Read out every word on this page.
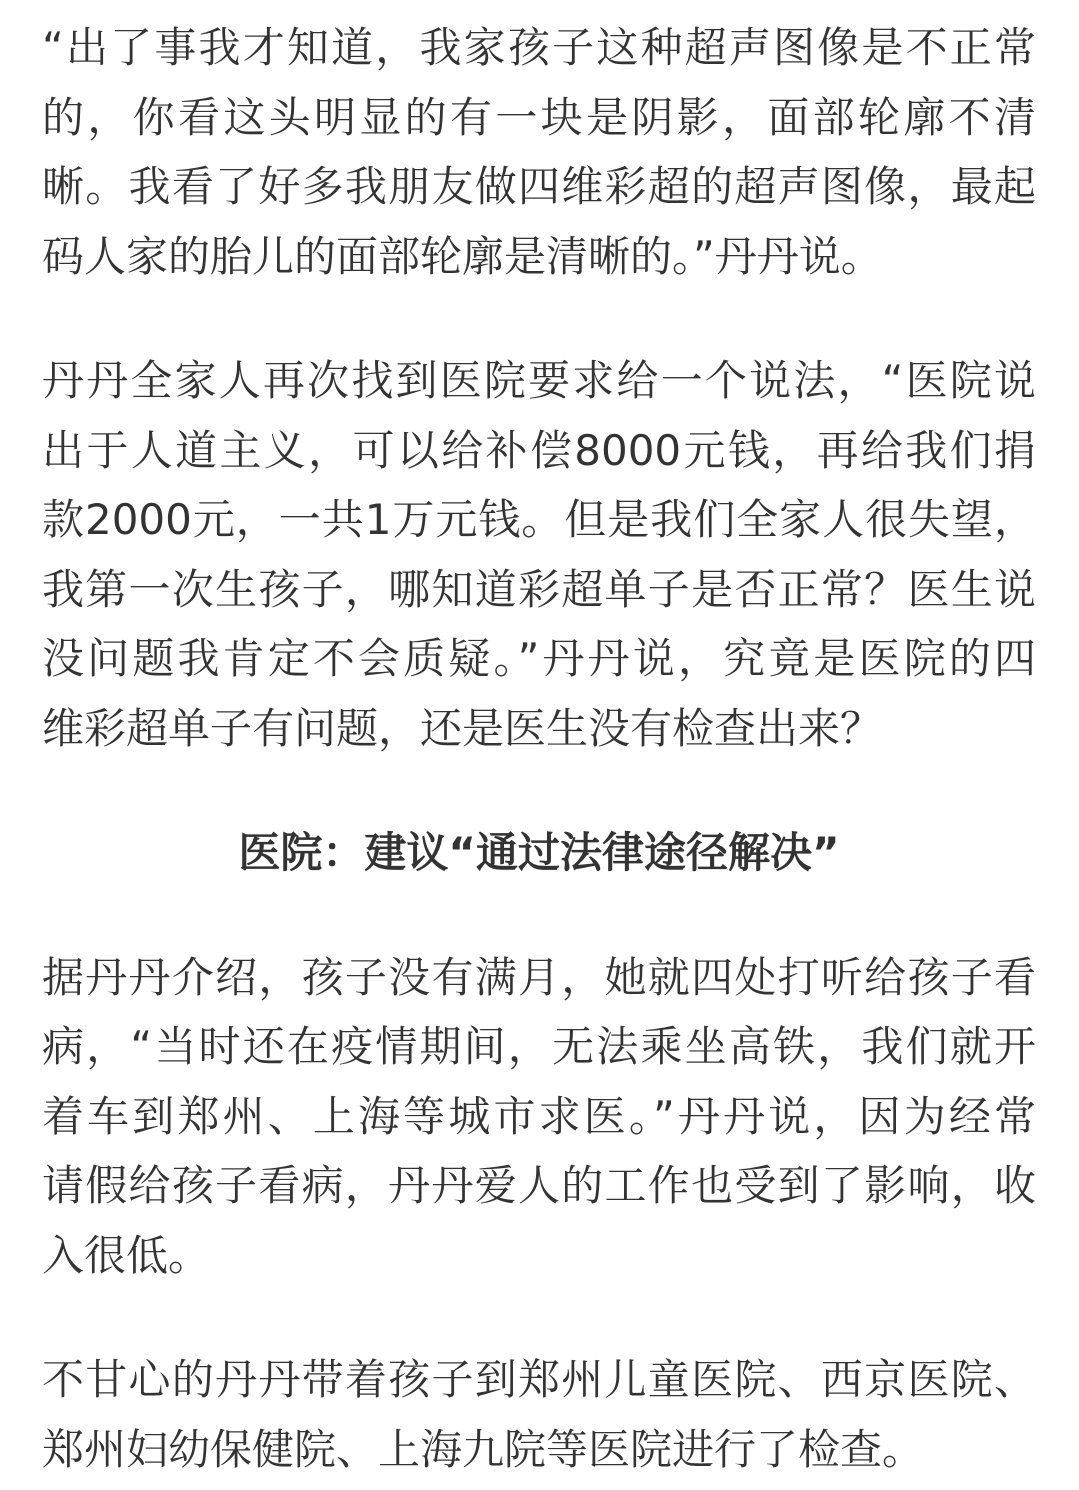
“出了事我才知道，我家孩子这种超声图像是不正常
的，你看这头明显的有一块是阴影，面部轮廓不清
晰。我看了好多我朋友做四维彩超的超声图像，最起
码人家的胎儿的面部轮廓是清晰的。”丹丹说。
丹丹全家人再次找到医院要求给一个说法，“医院说
出于人道主义，可以给补偿8000元钱，再给我们捐
款2000元，一共1万元钱。但是我们全家人很失望，
我第一次生孩子，哪知道彩超单子是否正常？医生说
没问题我肯定不会质疑。”丹丹说，究竟是医院的四
维彩超单子有问题，还是医生没有检查出来？
医院：建议“通过法律途径解决”
据丹丹介绍，孩子没有满月，她就四处打听给孩子看
病，“当时还在疫情期间，无法乘坐高铁，我们就开
着车到郑州、上海等城市求医。”丹丹说，因为经常
请假给孩子看病，丹丹爱人的工作也受到了影响，收
入很低。
不甘心的丹丹带着孩子到郑州儿童医院、西京医院、
郑州妇幼保健院、上海九院等医院进行了检查。
